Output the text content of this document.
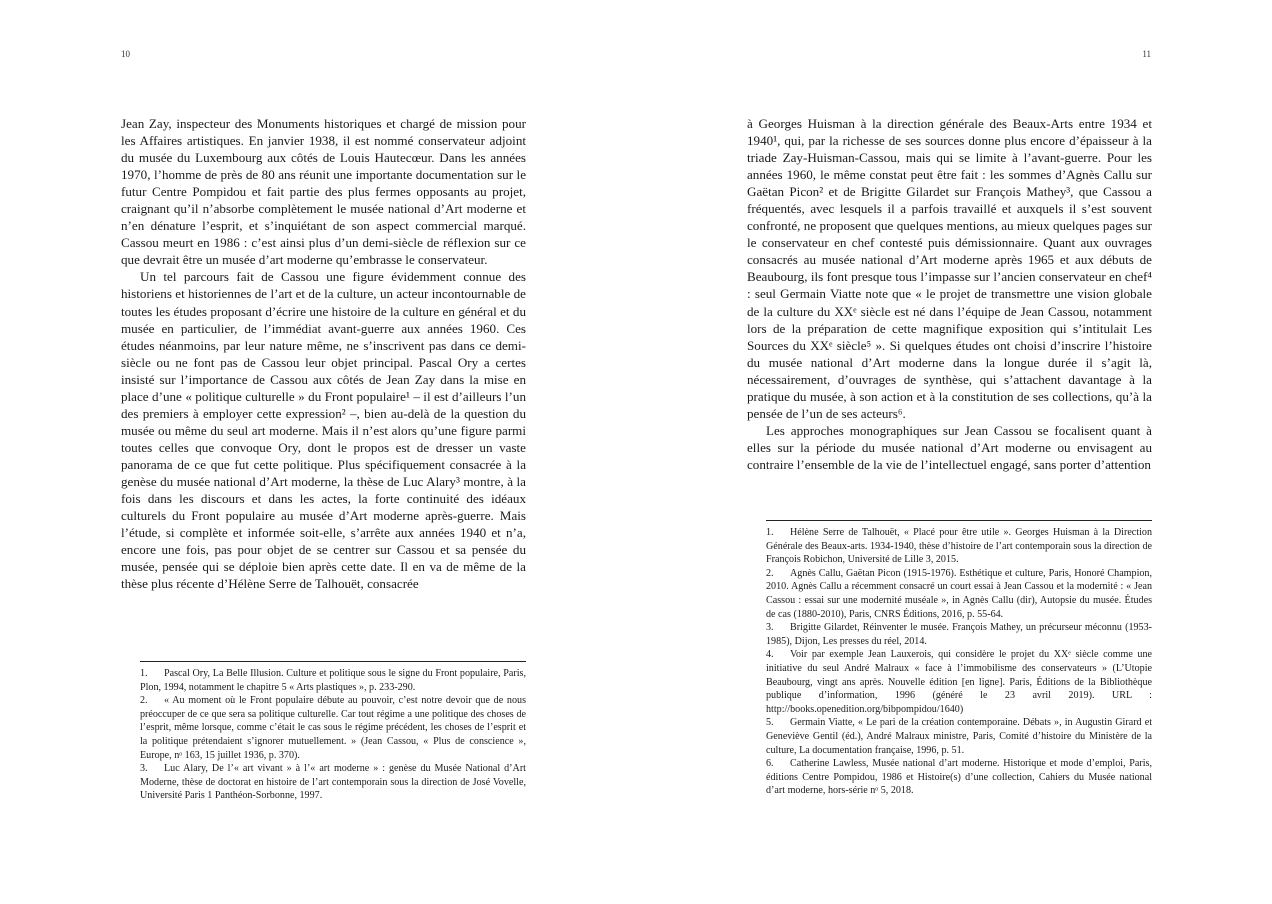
10

Jean Zay, inspecteur des Monuments historiques et chargé de mission pour les Affaires artistiques. En janvier 1938, il est nommé conservateur adjoint du musée du Luxembourg aux côtés de Louis Hautecœur. Dans les années 1970, l’homme de près de 80 ans réunit une importante documentation sur le futur Centre Pompidou et fait partie des plus fermes opposants au projet, craignant qu’il n’absorbe complètement le musée national d’Art moderne et n’en dénature l’esprit, et s’inquiétant de son aspect commercial marqué. Cassou meurt en 1986 : c’est ainsi plus d’un demi-siècle de réflexion sur ce que devrait être un musée d’art moderne qu’embrasse le conservateur.

Un tel parcours fait de Cassou une figure évidemment connue des historiens et historiennes de l’art et de la culture, un acteur incontournable de toutes les études proposant d’écrire une histoire de la culture en général et du musée en particulier, de l’immédiat avant-guerre aux années 1960. Ces études néanmoins, par leur nature même, ne s’inscrivent pas dans ce demi-siècle ou ne font pas de Cassou leur objet principal. Pascal Ory a certes insisté sur l’importance de Cassou aux côtés de Jean Zay dans la mise en place d’une « politique culturelle » du Front populaire¹ – il est d’ailleurs l’un des premiers à employer cette expression² –, bien au-delà de la question du musée ou même du seul art moderne. Mais il n’est alors qu’une figure parmi toutes celles que convoque Ory, dont le propos est de dresser un vaste panorama de ce que fut cette politique. Plus spécifiquement consacrée à la genèse du musée national d’Art moderne, la thèse de Luc Alary³ montre, à la fois dans les discours et dans les actes, la forte continuité des idéaux culturels du Front populaire au musée d’Art moderne après-guerre. Mais l’étude, si complète et informée soit-elle, s’arrête aux années 1940 et n’a, encore une fois, pas pour objet de se centrer sur Cassou et sa pensée du musée, pensée qui se déploie bien après cette date. Il en va de même de la thèse plus récente d’Hélène Serre de Talhouët, consacrée

1. Pascal Ory, La Belle Illusion. Culture et politique sous le signe du Front populaire, Paris, Plon, 1994, notamment le chapitre 5 « Arts plastiques », p. 233-290.
2. « Au moment où le Front populaire débute au pouvoir, c’est notre devoir que de nous préoccuper de ce que sera sa politique culturelle. Car tout régime a une politique des choses de l’esprit, même lorsque, comme c’était le cas sous le régime précédent, les choses de l’esprit et la politique prétendaient s’ignorer mutuellement. » (Jean Cassou, « Plus de conscience », Europe, nᵒ 163, 15 juillet 1936, p. 370).
3. Luc Alary, De l’« art vivant » à l’« art moderne » : genèse du Musée National d’Art Moderne, thèse de doctorat en histoire de l’art contemporain sous la direction de José Vovelle, Université Paris 1 Panthéon-Sorbonne, 1997.
11

à Georges Huisman à la direction générale des Beaux-Arts entre 1934 et 1940¹, qui, par la richesse de ses sources donne plus encore d’épaisseur à la triade Zay-Huisman-Cassou, mais qui se limite à l’avant-guerre. Pour les années 1960, le même constat peut être fait : les sommes d’Agnès Callu sur Gaëtan Picon² et de Brigitte Gilardet sur François Mathey³, que Cassou a fréquentés, avec lesquels il a parfois travaillé et auxquels il s’est souvent confronté, ne proposent que quelques mentions, au mieux quelques pages sur le conservateur en chef contesté puis démissionnaire. Quant aux ouvrages consacrés au musée national d’Art moderne après 1965 et aux débuts de Beaubourg, ils font presque tous l’impasse sur l’ancien conservateur en chef⁴ : seul Germain Viatte note que « le projet de transmettre une vision globale de la culture du XXᵉ siècle est né dans l’équipe de Jean Cassou, notamment lors de la préparation de cette magnifique exposition qui s’intitulait Les Sources du XXᵉ siècle⁵ ». Si quelques études ont choisi d’inscrire l’histoire du musée national d’Art moderne dans la longue durée il s’agit là, nécessairement, d’ouvrages de synthèse, qui s’attachent davantage à la pratique du musée, à son action et à la constitution de ses collections, qu’à la pensée de l’un de ses acteurs⁶.

Les approches monographiques sur Jean Cassou se focalisent quant à elles sur la période du musée national d’Art moderne ou envisagent au contraire l’ensemble de la vie de l’intellectuel engagé, sans porter d’attention

1. Hélène Serre de Talhouët, « Placé pour être utile ». Georges Huisman à la Direction Générale des Beaux-arts. 1934-1940, thèse d’histoire de l’art contemporain sous la direction de François Robichon, Université de Lille 3, 2015.
2. Agnès Callu, Gaëtan Picon (1915-1976). Esthétique et culture, Paris, Honoré Champion, 2010. Agnès Callu a récemment consacré un court essai à Jean Cassou et la modernité : « Jean Cassou : essai sur une modernité muséale », in Agnès Callu (dir), Autopsie du musée. Études de cas (1880-2010), Paris, CNRS Éditions, 2016, p. 55-64.
3. Brigitte Gilardet, Réinventer le musée. François Mathey, un précurseur méconnu (1953-1985), Dijon, Les presses du réel, 2014.
4. Voir par exemple Jean Lauxerois, qui considère le projet du XXᵉ siècle comme une initiative du seul André Malraux « face à l’immobilisme des conservateurs » (L’Utopie Beaubourg, vingt ans après. Nouvelle édition [en ligne]. Paris, Éditions de la Bibliothèque publique d’information, 1996 (généré le 23 avril 2019). URL : http://books.openedition.org/bibpompidou/1640)
5. Germain Viatte, « Le pari de la création contemporaine. Débats », in Augustin Girard et Geneviève Gentil (éd.), André Malraux ministre, Paris, Comité d’histoire du Ministère de la culture, La documentation française, 1996, p. 51.
6. Catherine Lawless, Musée national d’art moderne. Historique et mode d’emploi, Paris, éditions Centre Pompidou, 1986 et Histoire(s) d’une collection, Cahiers du Musée national d’art moderne, hors-série nᵒ 5, 2018.
